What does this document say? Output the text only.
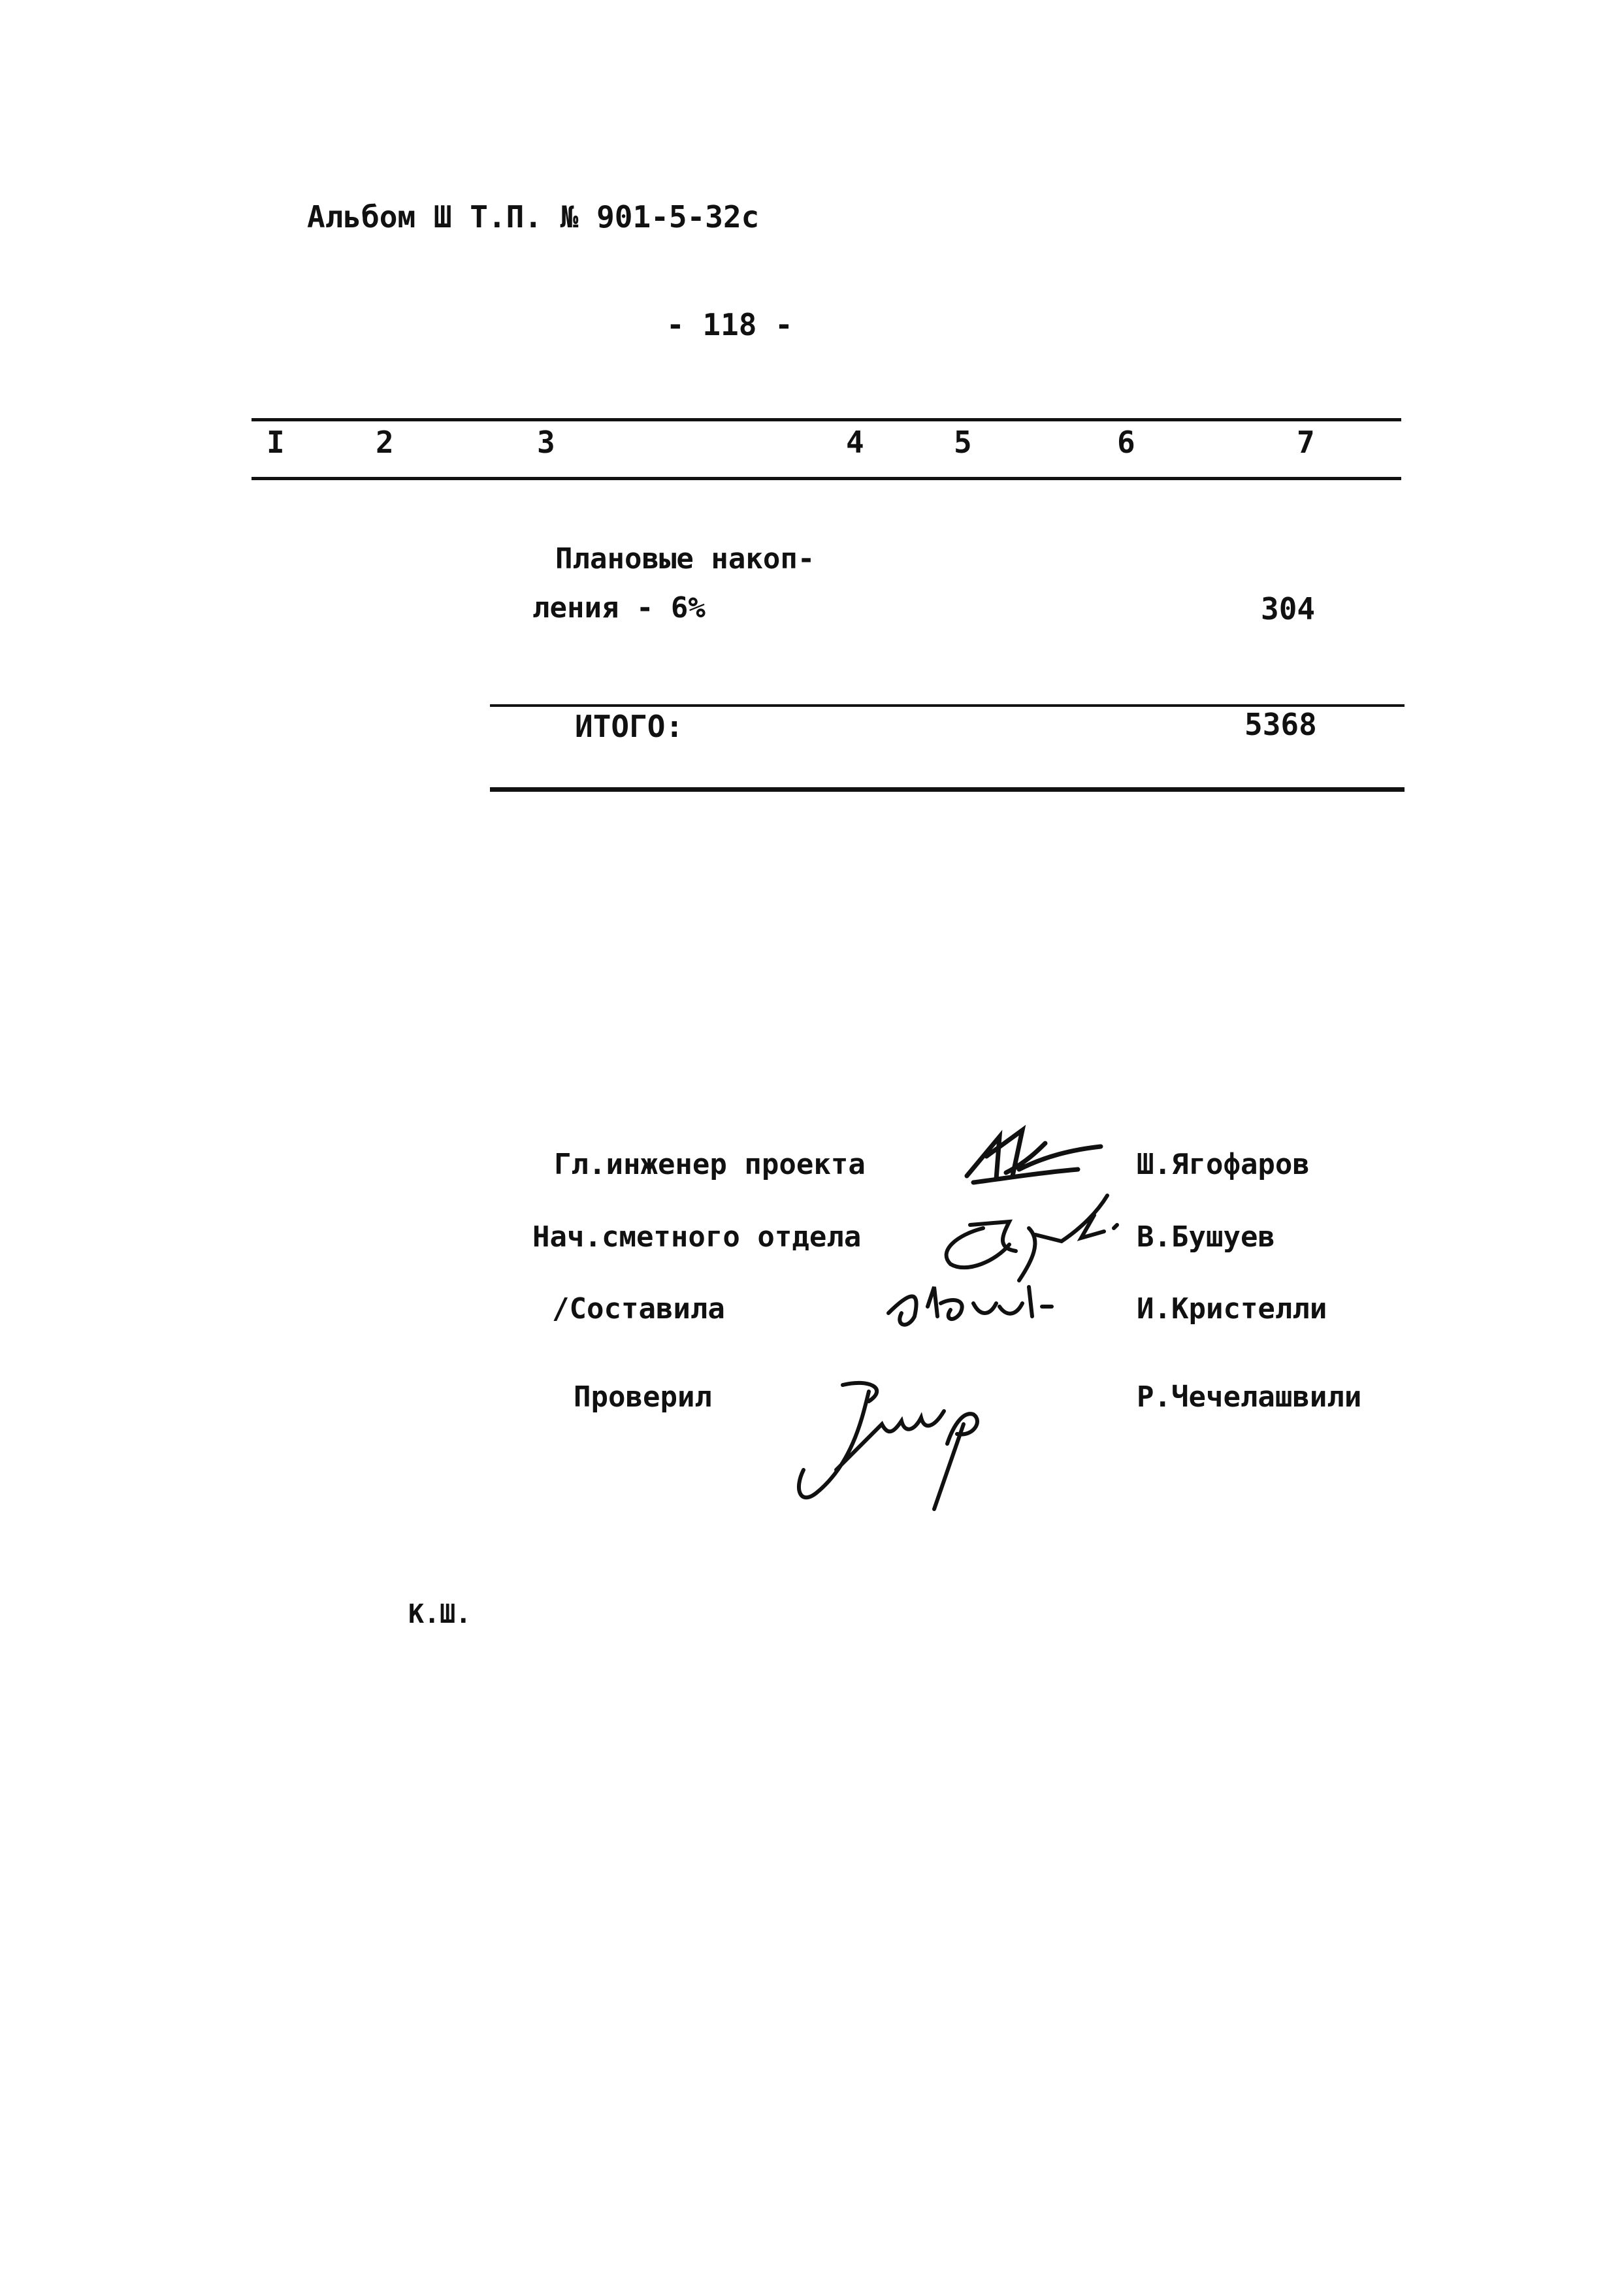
Альбом Ш Т.П. № 901-5-32с
- 118 -
I	2	3	4	5	6	7
Плановые накоп-
ления - 6%	304
ИТОГО:	5368
Гл.инженер проекта	Ш.Ягофаров
Нач.сметного отдела	В.Бушуев
/Составила	И.Кристелли
Проверил	Р.Чечелашвили
К.Ш.
